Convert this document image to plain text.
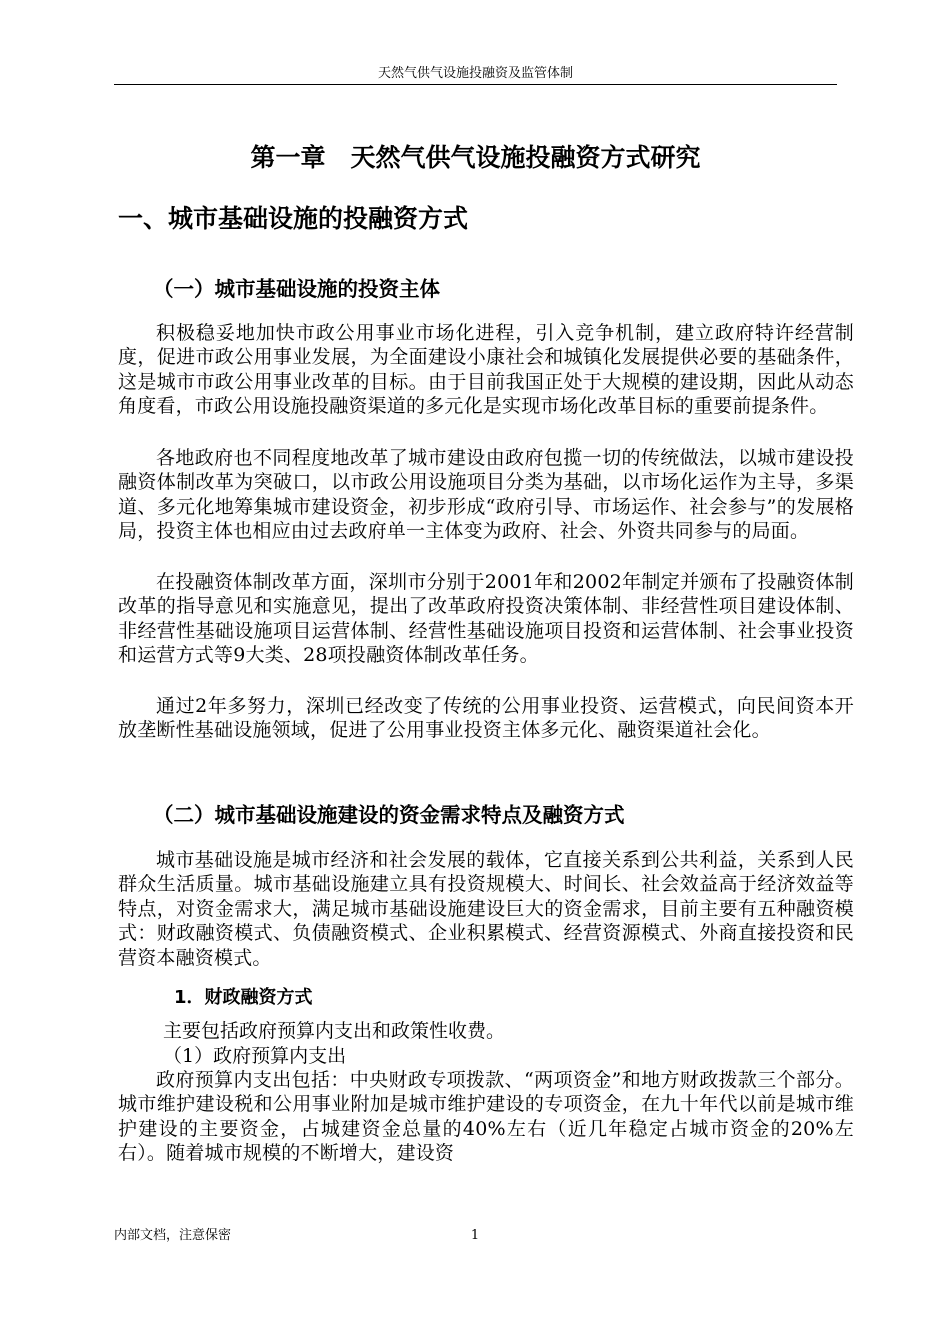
天然气供气设施投融资及监管体制
第一章　天然气供气设施投融资方式研究
一、城市基础设施的投融资方式
（一）城市基础设施的投资主体

积极稳妥地加快市政公用事业市场化进程，引入竞争机制，建立政府特许经营制度，促进市政公用事业发展，为全面建设小康社会和城镇化发展提供必要的基础条件，这是城市市政公用事业改革的目标。由于目前我国正处于大规模的建设期，因此从动态角度看，市政公用设施投融资渠道的多元化是实现市场化改革目标的重要前提条件。

各地政府也不同程度地改革了城市建设由政府包揽一切的传统做法，以城市建设投融资体制改革为突破口，以市政公用设施项目分类为基础，以市场化运作为主导，多渠道、多元化地筹集城市建设资金，初步形成“政府引导、市场运作、社会参与”的发展格局，投资主体也相应由过去政府单一主体变为政府、社会、外资共同参与的局面。

在投融资体制改革方面，深圳市分别于2001年和2002年制定并颁布了投融资体制改革的指导意见和实施意见，提出了改革政府投资决策体制、非经营性项目建设体制、非经营性基础设施项目运营体制、经营性基础设施项目投资和运营体制、社会事业投资和运营方式等9大类、28项投融资体制改革任务。

通过2年多努力，深圳已经改变了传统的公用事业投资、运营模式，向民间资本开放垄断性基础设施领域，促进了公用事业投资主体多元化、融资渠道社会化。

（二）城市基础设施建设的资金需求特点及融资方式

城市基础设施是城市经济和社会发展的载体，它直接关系到公共利益，关系到人民群众生活质量。城市基础设施建立具有投资规模大、时间长、社会效益高于经济效益等特点，对资金需求大，满足城市基础设施建设巨大的资金需求，目前主要有五种融资模式：财政融资模式、负债融资模式、企业积累模式、经营资源模式、外商直接投资和民营资本融资模式。

1．财政融资方式

主要包括政府预算内支出和政策性收费。

（1）政府预算内支出

政府预算内支出包括：中央财政专项拨款、“两项资金”和地方财政拨款三个部分。城市维护建设税和公用事业附加是城市维护建设的专项资金，在九十年代以前是城市维护建设的主要资金，占城建资金总量的40%左右（近几年稳定占城市资金的20%左右）。随着城市规模的不断增大，建设资

内部文档，注意保密	1
